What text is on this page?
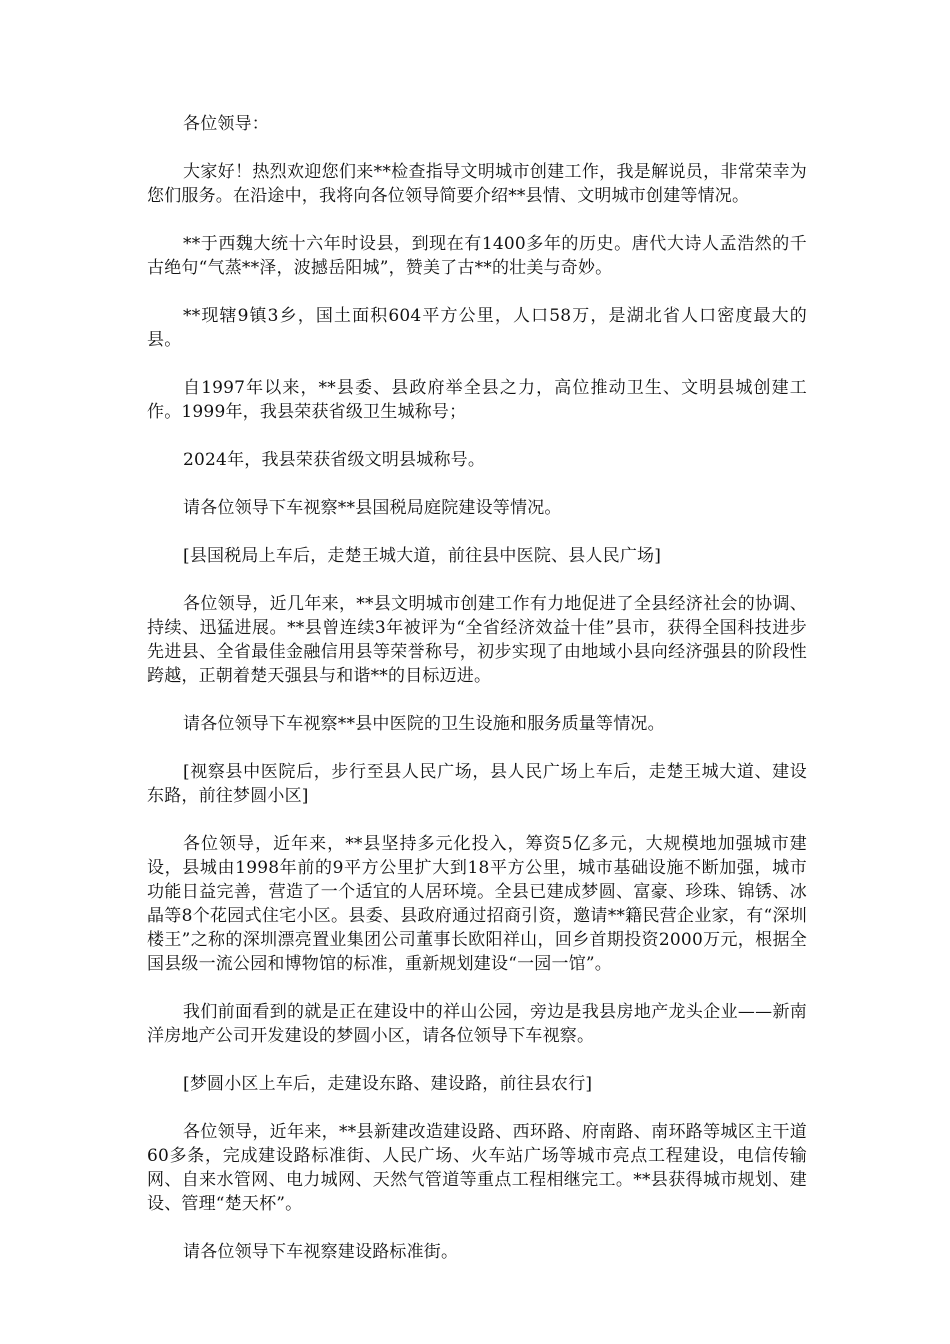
各位领导：

大家好！热烈欢迎您们来**检查指导文明城市创建工作，我是解说员，非常荣幸为您们服务。在沿途中，我将向各位领导简要介绍**县情、文明城市创建等情况。

**于西魏大统十六年时设县，到现在有1400多年的历史。唐代大诗人孟浩然的千古绝句“气蒸**泽，波撼岳阳城”，赞美了古**的壮美与奇妙。

**现辖9镇3乡，国土面积604平方公里，人口58万，是湖北省人口密度最大的县。

自1997年以来，**县委、县政府举全县之力，高位推动卫生、文明县城创建工作。1999年，我县荣获省级卫生城称号；

2024年，我县荣获省级文明县城称号。

请各位领导下车视察**县国税局庭院建设等情况。

[县国税局上车后，走楚王城大道，前往县中医院、县人民广场]

各位领导，近几年来，**县文明城市创建工作有力地促进了全县经济社会的协调、持续、迅猛进展。**县曾连续3年被评为“全省经济效益十佳”县市，获得全国科技进步先进县、全省最佳金融信用县等荣誉称号，初步实现了由地域小县向经济强县的阶段性跨越，正朝着楚天强县与和谐**的目标迈进。

请各位领导下车视察**县中医院的卫生设施和服务质量等情况。

[视察县中医院后，步行至县人民广场，县人民广场上车后，走楚王城大道、建设东路，前往梦圆小区]

各位领导，近年来，**县坚持多元化投入，筹资5亿多元，大规模地加强城市建设，县城由1998年前的9平方公里扩大到18平方公里，城市基础设施不断加强，城市功能日益完善，营造了一个适宜的人居环境。全县已建成梦圆、富豪、珍珠、锦锈、冰晶等8个花园式住宅小区。县委、县政府通过招商引资，邀请**籍民营企业家，有“深圳楼王”之称的深圳漂亮置业集团公司董事长欧阳祥山，回乡首期投资2000万元，根据全国县级一流公园和博物馆的标准，重新规划建设“一园一馆”。

我们前面看到的就是正在建设中的祥山公园，旁边是我县房地产龙头企业——新南洋房地产公司开发建设的梦圆小区，请各位领导下车视察。

[梦圆小区上车后，走建设东路、建设路，前往县农行]

各位领导，近年来，**县新建改造建设路、西环路、府南路、南环路等城区主干道60多条，完成建设路标准街、人民广场、火车站广场等城市亮点工程建设，电信传输网、自来水管网、电力城网、天然气管道等重点工程相继完工。**县获得城市规划、建设、管理“楚天杯”。

请各位领导下车视察建设路标准街。
